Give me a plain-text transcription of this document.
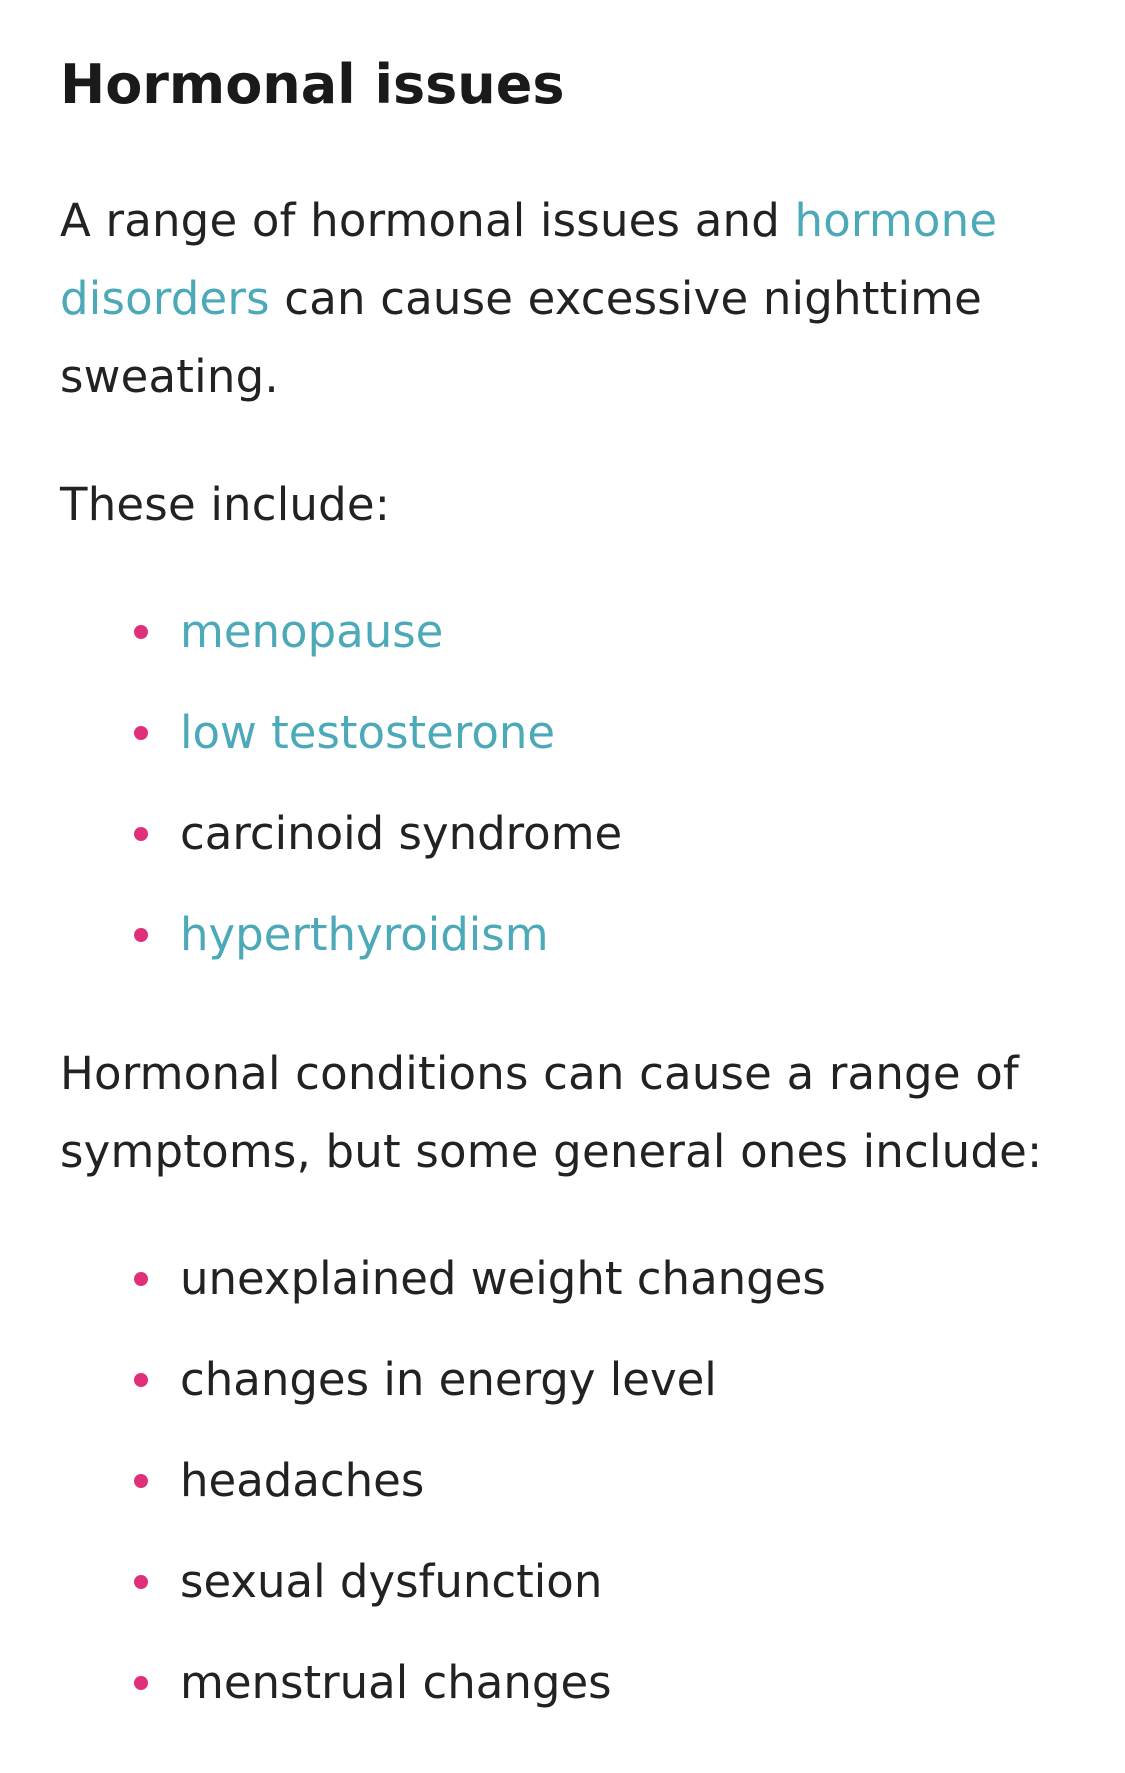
Hormonal issues

A range of hormonal issues and hormone disorders can cause excessive nighttime sweating.

These include:

menopause
low testosterone
carcinoid syndrome
hyperthyroidism

Hormonal conditions can cause a range of symptoms, but some general ones include:

unexplained weight changes
changes in energy level
headaches
sexual dysfunction
menstrual changes
